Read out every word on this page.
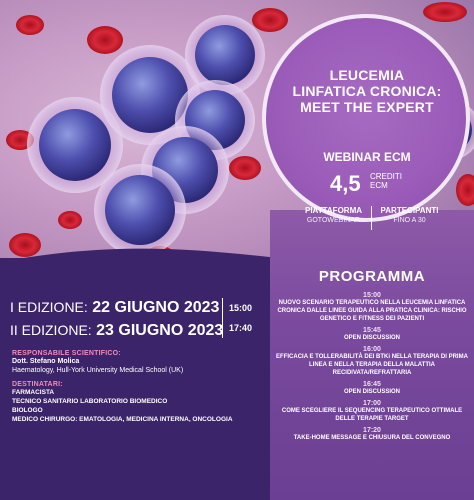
LEUCEMIA
LINFATICA CRONICA:
MEET THE EXPERT
WEBINAR ECM
4,5 CREDITI
ECM
PIATTAFORMA
GOTOWEBINAR
PARTECIPANTI
FINO A 30
PROGRAMMA
15:00
NUOVO SCENARIO TERAPEUTICO NELLA LEUCEMIA LINFATICA CRONICA DALLE LINEE GUIDA ALLA PRATICA CLINICA: RISCHIO GENETICO E FITNESS DEI PAZIENTI
15:45
OPEN DISCUSSION
16:00
EFFICACIA E TOLLERABILITÀ DEI BTKi NELLA TERAPIA DI PRIMA LINEA E NELLA TERAPIA DELLA MALATTIA RECIDIVATA/REFRATTARIA
16:45
OPEN DISCUSSION
17:00
COME SCEGLIERE IL SEQUENCING TERAPEUTICO OTTIMALE DELLE TERAPIE TARGET
17:20
TAKE-HOME MESSAGE E CHIUSURA DEL CONVEGNO
I EDIZIONE: 22 GIUGNO 2023
II EDIZIONE: 23 GIUGNO 2023
15:00
17:40
RESPONSABILE SCIENTIFICO:
Dott. Stefano Molica
Haematology, Hull-York University Medical School (UK)
DESTINATARI:
FARMACISTA
TECNICO SANITARIO LABORATORIO BIOMEDICO
BIOLOGO
MEDICO CHIRURGO: EMATOLOGIA, MEDICINA INTERNA, ONCOLOGIA
